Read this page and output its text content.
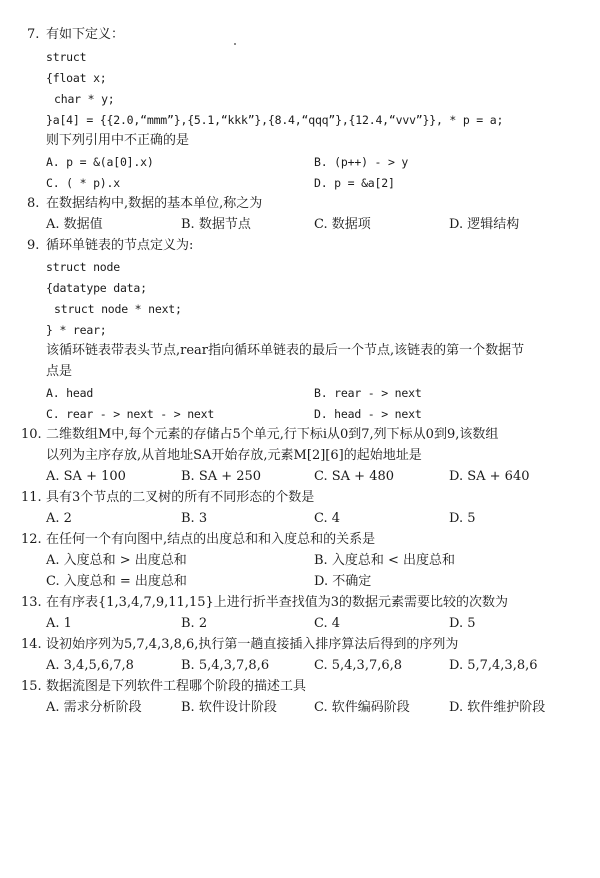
7. 有如下定义：
struct
{float x;
char * y;
}a[4] = {{2.0,“mmm”},{5.1,“kkk”},{8.4,“qqq”},{12.4,“vvv”}}, * p = a;
则下列引用中不正确的是
A. p = &(a[0].x)	B. (p++) - > y
C. ( * p).x	D. p = &a[2]
8. 在数据结构中,数据的基本单位,称之为
A. 数据值	B. 数据节点	C. 数据项	D. 逻辑结构
9. 循环单链表的节点定义为:
struct node
{datatype data;
struct node * next;
} * rear;
该循环链表带表头节点,rear指向循环单链表的最后一个节点,该链表的第一个数据节
点是
A. head	B. rear - > next
C. rear - > next - > next	D. head - > next
10. 二维数组M中,每个元素的存储占5个单元,行下标i从0到7,列下标从0到9,该数组
以列为主序存放,从首地址SA开始存放,元素M[2][6]的起始地址是
A. SA + 100	B. SA + 250	C. SA + 480	D. SA + 640
11. 具有3个节点的二叉树的所有不同形态的个数是
A. 2	B. 3	C. 4	D. 5
12. 在任何一个有向图中,结点的出度总和和入度总和的关系是
A. 入度总和 > 出度总和	B. 入度总和 < 出度总和
C. 入度总和 = 出度总和	D. 不确定
13. 在有序表{1,3,4,7,9,11,15}上进行折半查找值为3的数据元素需要比较的次数为
A. 1	B. 2	C. 4	D. 5
14. 设初始序列为5,7,4,3,8,6,执行第一趟直接插入排序算法后得到的序列为
A. 3,4,5,6,7,8	B. 5,4,3,7,8,6	C. 5,4,3,7,6,8	D. 5,7,4,3,8,6
15. 数据流图是下列软件工程哪个阶段的描述工具
A. 需求分析阶段	B. 软件设计阶段	C. 软件编码阶段	D. 软件维护阶段
